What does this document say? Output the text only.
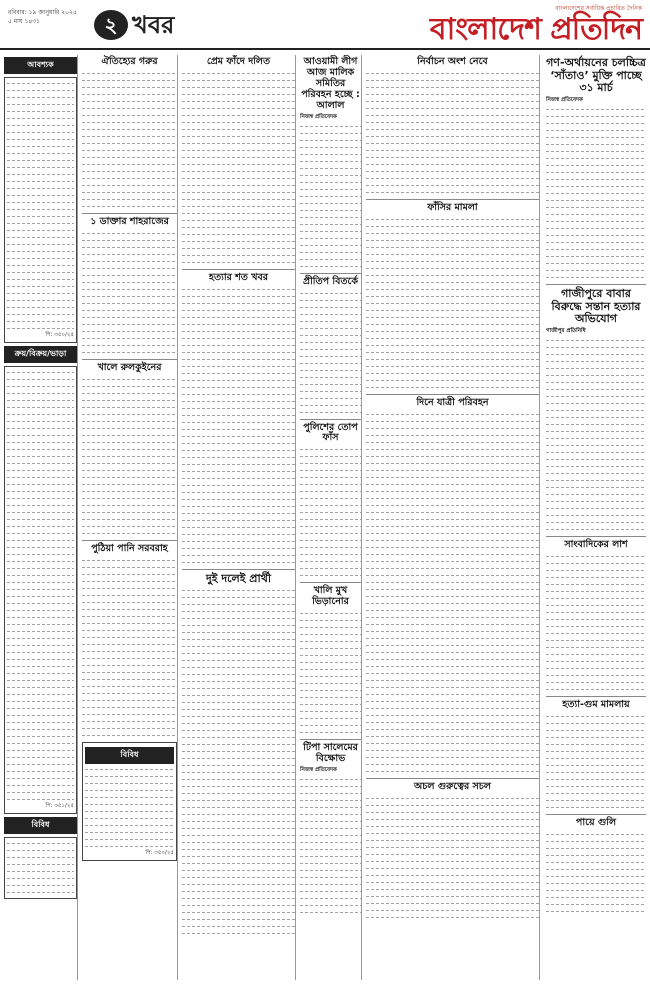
রবিবার: ১৯ জানুয়ারি ২০২৫
৫ মাঘ ১৪৩১	২ খবর
বাংলাদেশের সর্বাধিক প্রচারিত দৈনিক
বাংলাদেশ প্রতিদিন
আবশ্যক
পি: ৩৫০/২৫
ক্রয়/বিক্রয়/ভাড়া
পি: ৩৫১/২৫
বিবিধ
ঐতিহ্যের গরুর
১ ডাক্তার শাহরাজের
খালে রুলকুইনের
পুঠিয়া পানি সরবরাহ
বিবিধ
পি: ৩৫০/২৫
প্রেম ফাঁদে দলিত
হত্যার শত খবর
দুই দলেই প্রার্থী
আওয়ামী লীগ আজ মালিক সমিতির পরিবহন হচ্ছে : আলাল
নিজস্ব প্রতিবেদক
প্রীতিপ বিতর্কে
পুলিশের তোপ ফাঁস
খালি মুখ ভিড়ানোর
টিপা সালেমের বিক্ষোভ
নিজস্ব প্রতিবেদক
নির্বাচন অংশ নেবে
ফাঁসির মামলা
দিনে যাত্রী পরিবহন
অচল গুরুত্বের সচল
গণ-অর্থায়নের চলচ্চিত্র ‘সাঁতাও’ মুক্তি পাচ্ছে ৩১ মার্চ
নিজস্ব প্রতিবেদক
গাজীপুরে বাবার বিরুদ্ধে সন্তান হত্যার অভিযোগ
গাজীপুর প্রতিনিধি
সাংবাদিকের লাশ
হত্যা-গুম মামলায়
পায়ে গুলি
